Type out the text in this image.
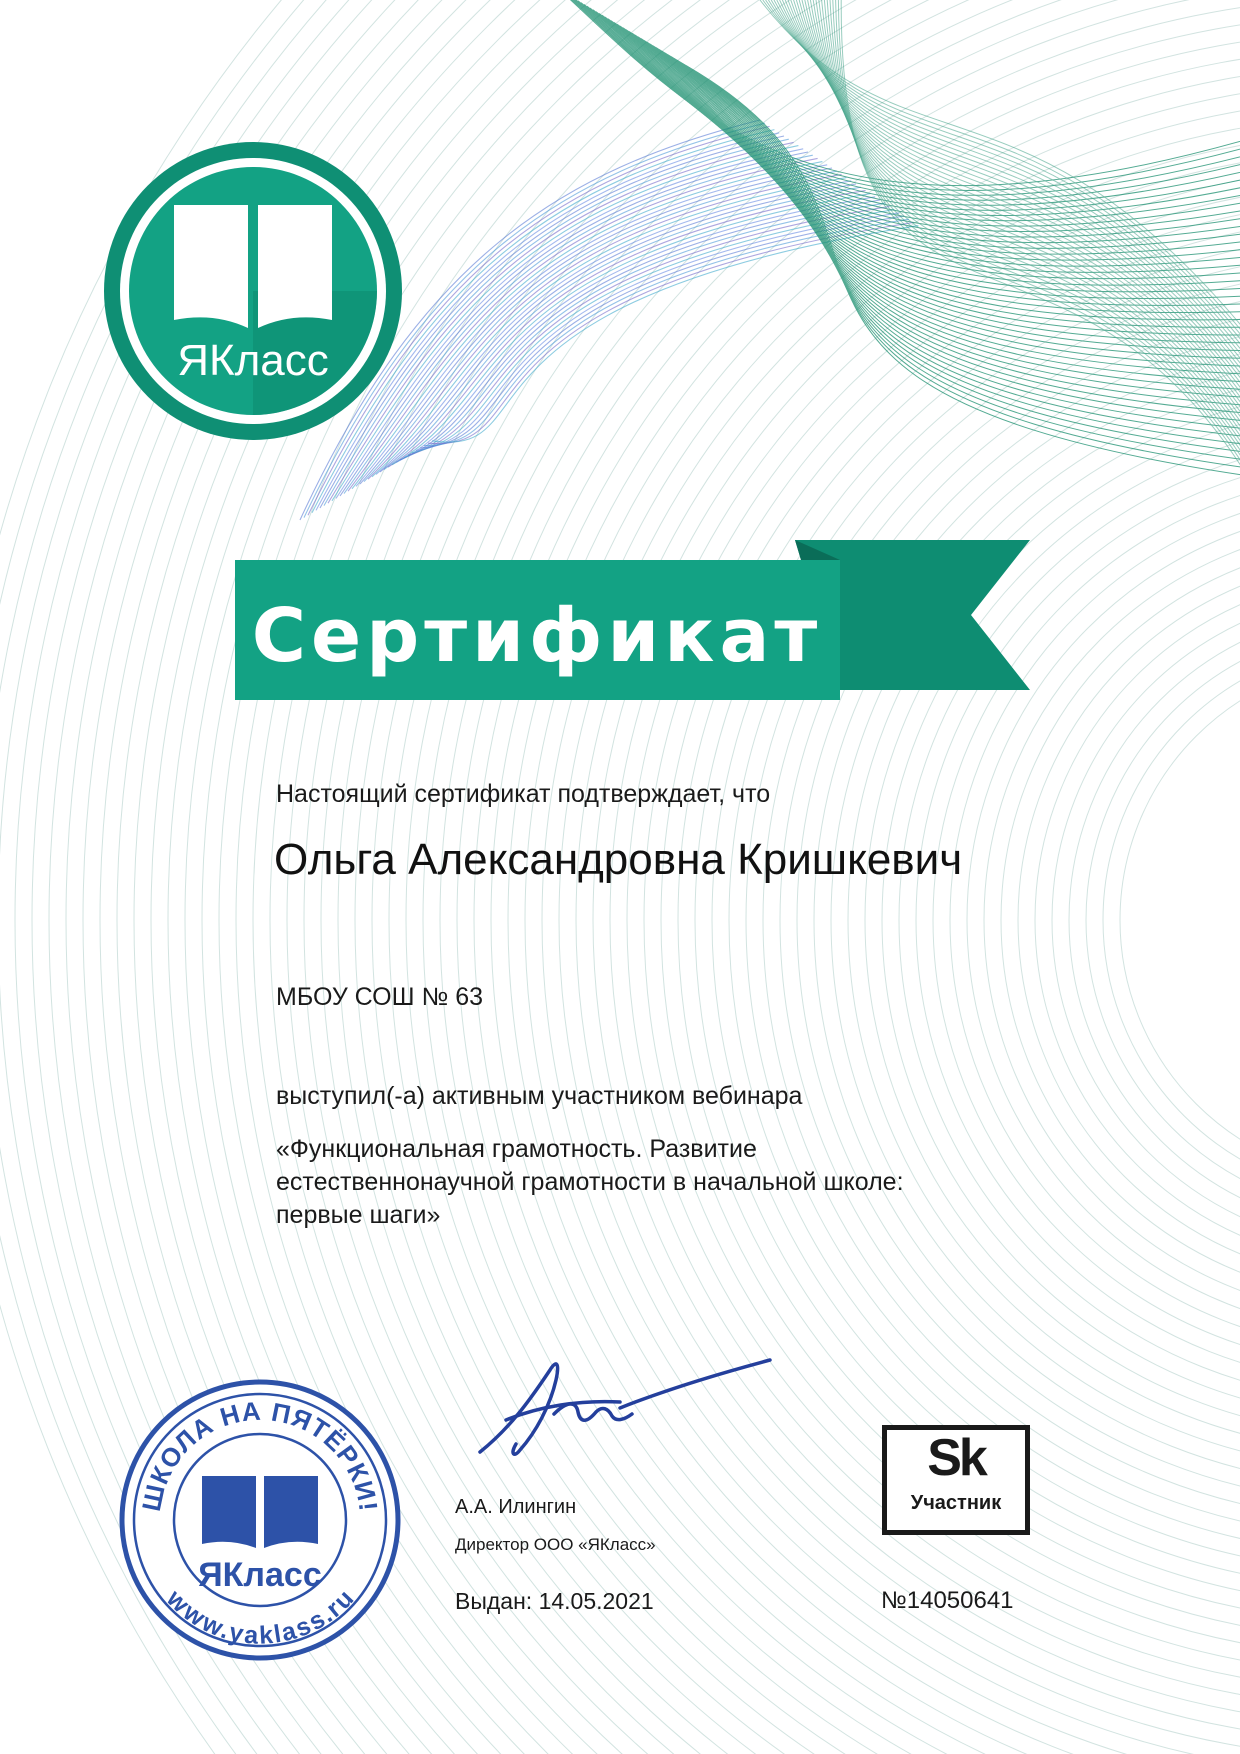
ЯКласс
Сертификат
Настоящий сертификат подтверждает, что
Ольга Александровна Кришкевич
МБОУ СОШ № 63
выступил(-а) активным участником вебинара
«Функциональная грамотность. Развитие
естественнонаучной грамотности в начальной школе:
первые шаги»
ШКОЛА НА ПЯТЁРКИ!
www.yaklass.ru
ЯКласс
А.А. Илингин
Директор ООО «ЯКласс»
Выдан: 14.05.2021
Sk
Участник
№14050641
